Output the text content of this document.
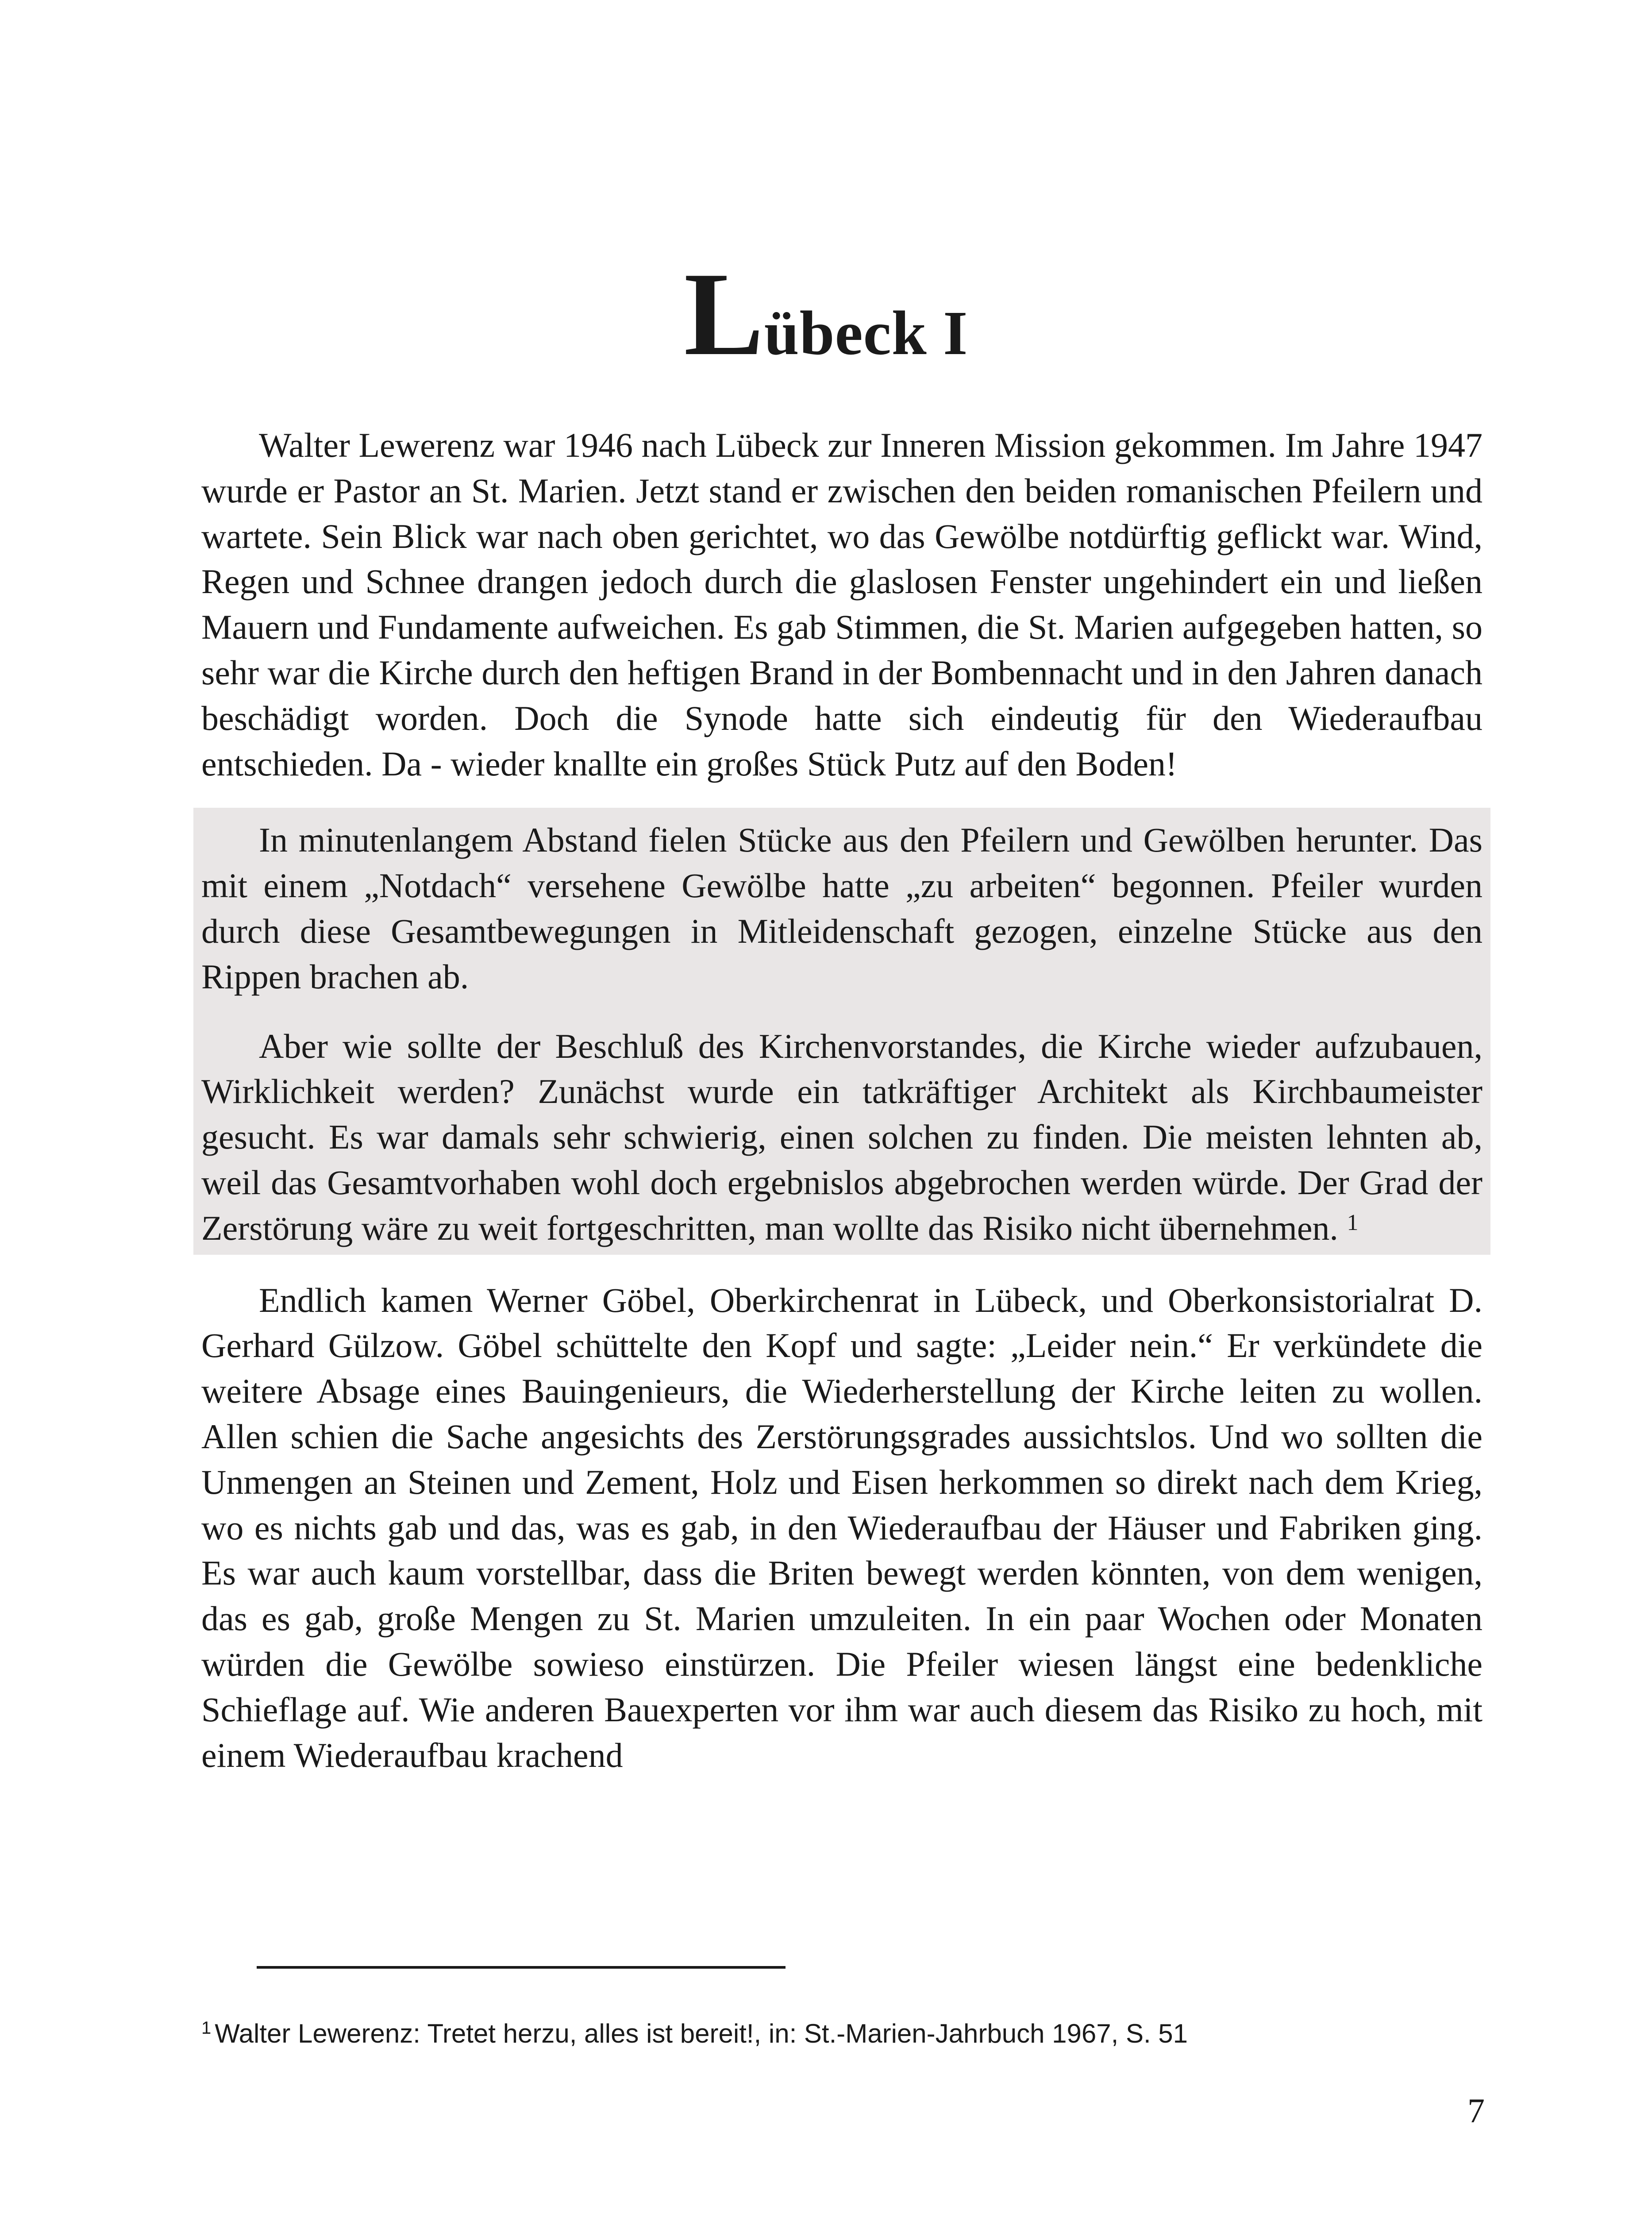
Lübeck I

Walter Lewerenz war 1946 nach Lübeck zur Inneren Mission gekommen. Im Jahre 1947 wurde er Pastor an St. Marien. Jetzt stand er zwischen den beiden romanischen Pfeilern und wartete. Sein Blick war nach oben gerichtet, wo das Gewölbe notdürftig geflickt war. Wind, Regen und Schnee drangen jedoch durch die glaslosen Fenster ungehindert ein und ließen Mauern und Fundamente aufweichen. Es gab Stimmen, die St. Marien aufgegeben hatten, so sehr war die Kirche durch den heftigen Brand in der Bombennacht und in den Jahren danach beschädigt worden. Doch die Synode hatte sich eindeutig für den Wiederaufbau entschieden. Da - wieder knallte ein großes Stück Putz auf den Boden!

In minutenlangem Abstand fielen Stücke aus den Pfeilern und Gewölben herunter. Das mit einem „Notdach“ versehene Gewölbe hatte „zu arbeiten“ begonnen. Pfeiler wurden durch diese Gesamtbewegungen in Mitleidenschaft gezogen, einzelne Stücke aus den Rippen brachen ab.

Aber wie sollte der Beschluß des Kirchenvorstandes, die Kirche wieder aufzubauen, Wirklichkeit werden? Zunächst wurde ein tatkräftiger Architekt als Kirchbaumeister gesucht. Es war damals sehr schwierig, einen solchen zu finden. Die meisten lehnten ab, weil das Gesamtvorhaben wohl doch ergebnislos abgebrochen werden würde. Der Grad der Zerstörung wäre zu weit fortgeschritten, man wollte das Risiko nicht übernehmen. $^1$

Endlich kamen Werner Göbel, Oberkirchenrat in Lübeck, und Oberkonsistorialrat D. Gerhard Gülzow. Göbel schüttelte den Kopf und sagte: „Leider nein.“ Er verkündete die weitere Absage eines Bauingenieurs, die Wiederherstellung der Kirche leiten zu wollen. Allen schien die Sache angesichts des Zerstörungsgrades aussichtslos. Und wo sollten die Unmengen an Steinen und Zement, Holz und Eisen herkommen so direkt nach dem Krieg, wo es nichts gab und das, was es gab, in den Wiederaufbau der Häuser und Fabriken ging. Es war auch kaum vorstellbar, dass die Briten bewegt werden könnten, von dem wenigen, das es gab, große Mengen zu St. Marien umzuleiten. In ein paar Wochen oder Monaten würden die Gewölbe sowieso einstürzen. Die Pfeiler wiesen längst eine bedenkliche Schieflage auf. Wie anderen Bauexperten vor ihm war auch diesem das Risiko zu hoch, mit einem Wiederaufbau krachend

$^1$ Walter Lewerenz: Tretet herzu, alles ist bereit!, in: St.-Marien-Jahrbuch 1967, S. 51
7
